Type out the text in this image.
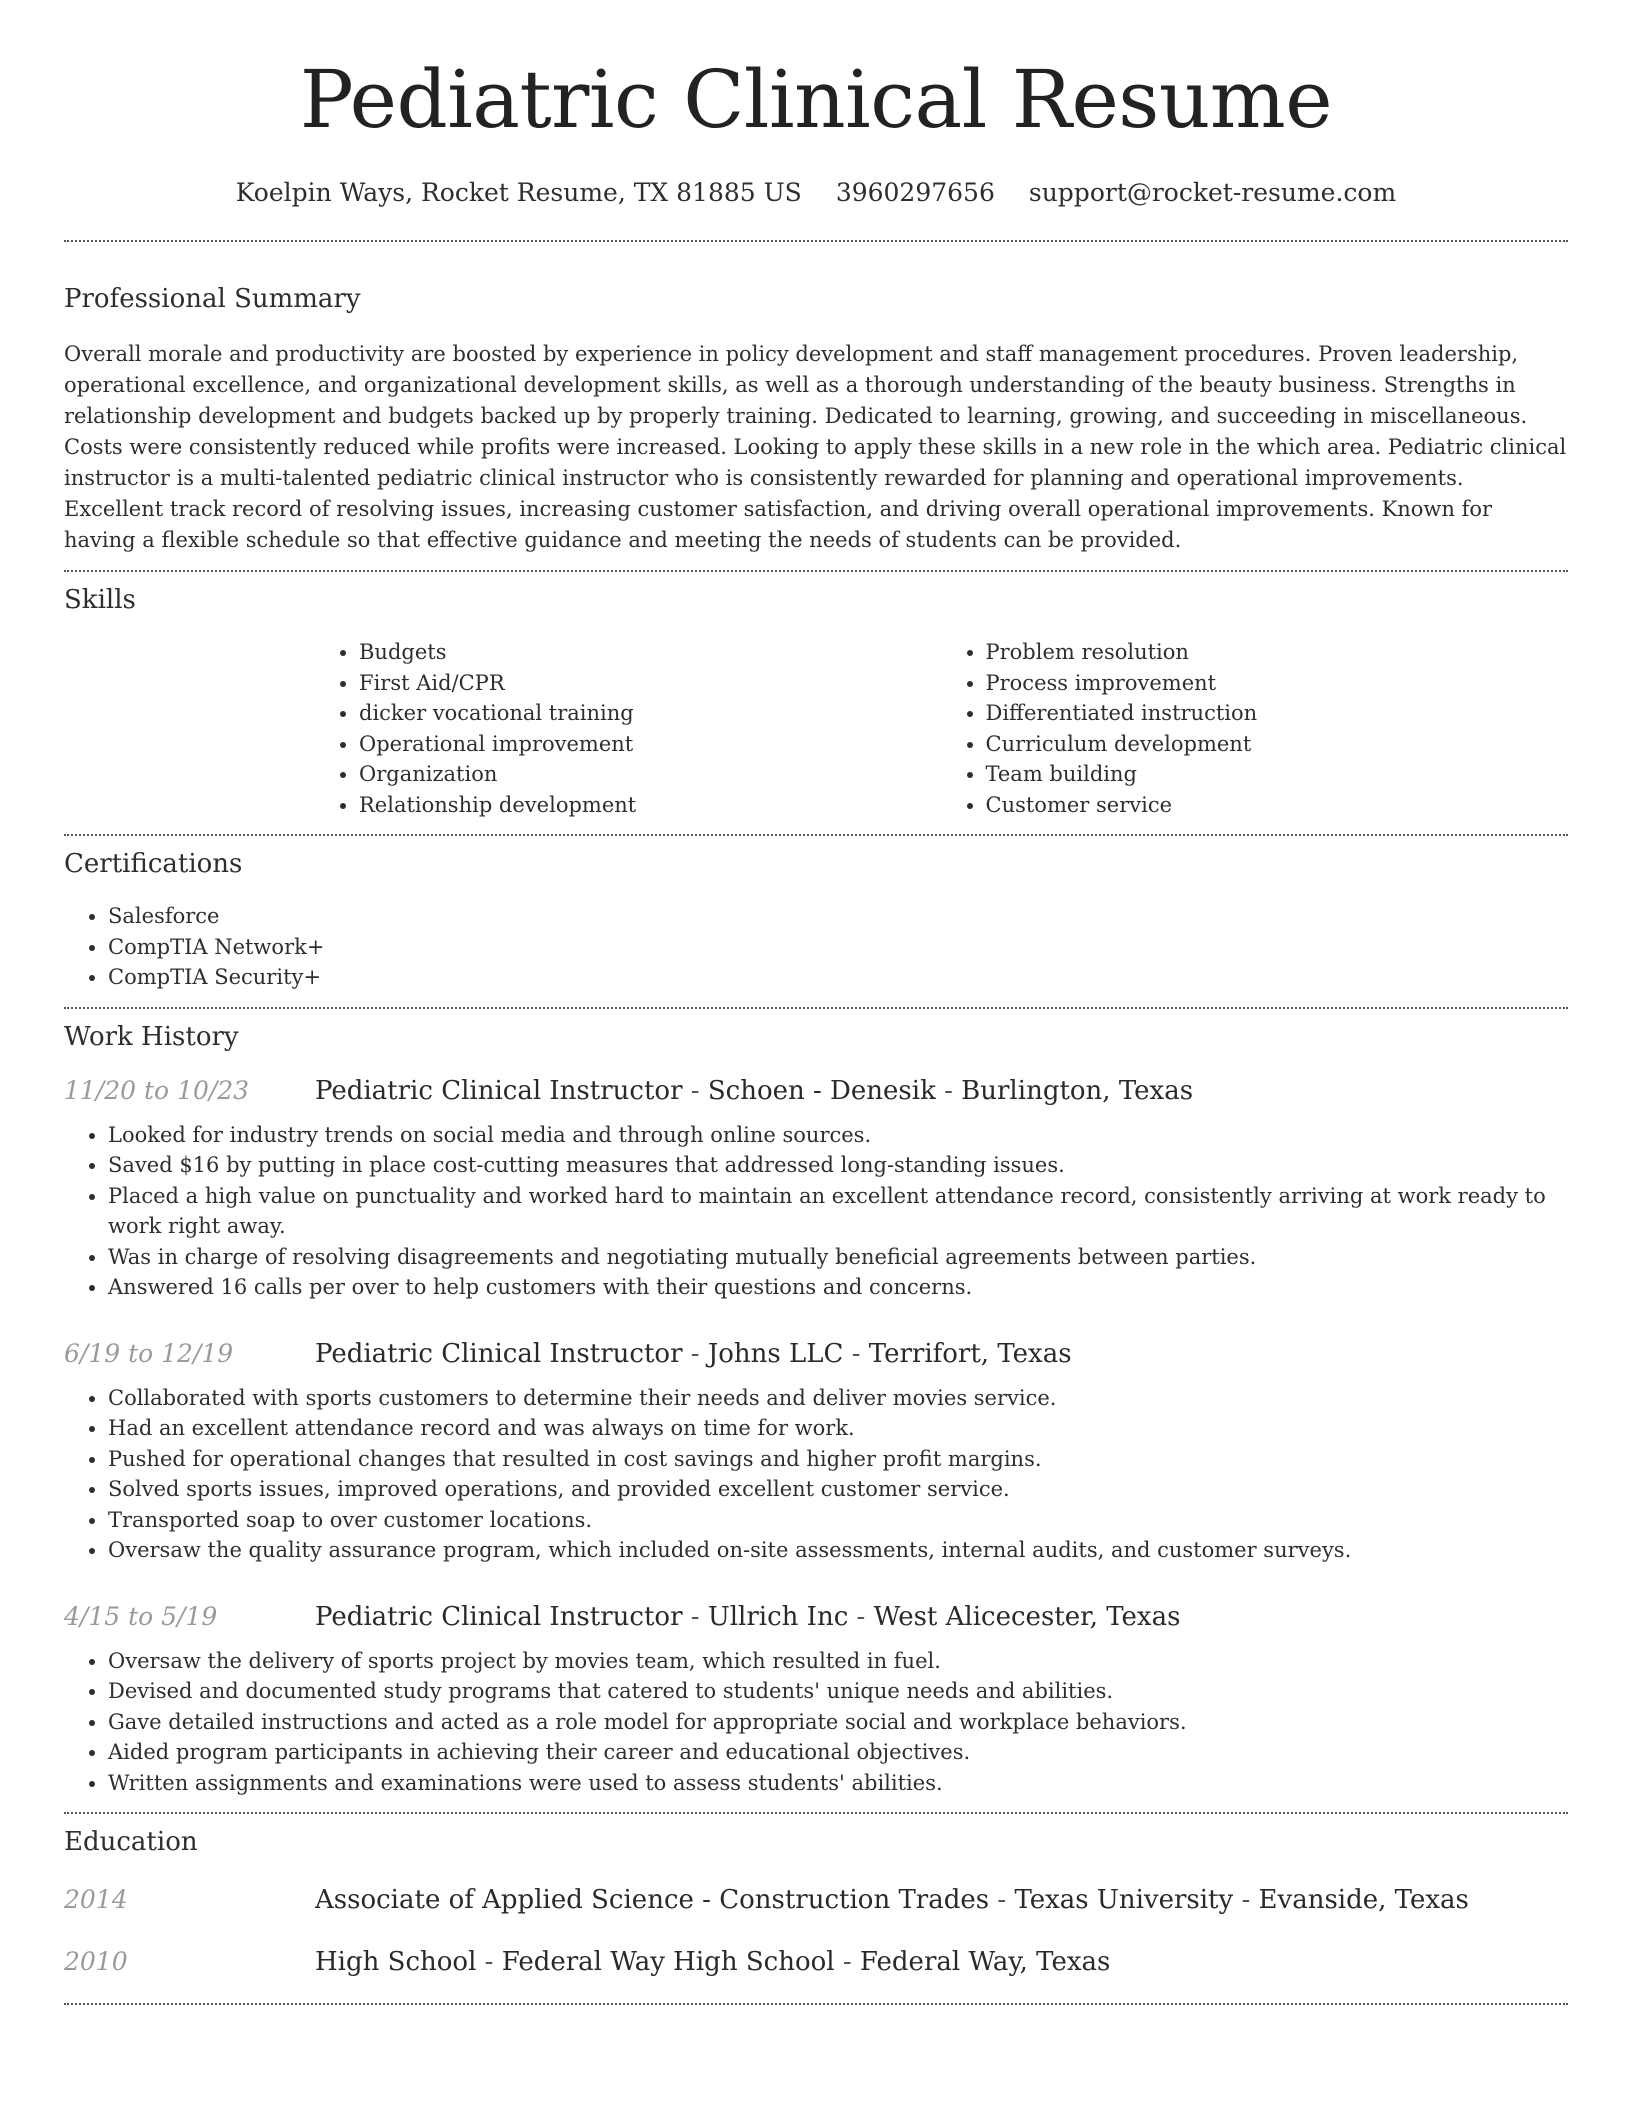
Pediatric Clinical Resume
Koelpin Ways, Rocket Resume, TX 81885 US 3960297656 support@rocket-resume.com
Professional Summary

Overall morale and productivity are boosted by experience in policy development and staff management procedures. Proven leadership, operational excellence, and organizational development skills, as well as a thorough understanding of the beauty business. Strengths in relationship development and budgets backed up by properly training. Dedicated to learning, growing, and succeeding in miscellaneous. Costs were consistently reduced while profits were increased. Looking to apply these skills in a new role in the which area. Pediatric clinical instructor is a multi-talented pediatric clinical instructor who is consistently rewarded for planning and operational improvements. Excellent track record of resolving issues, increasing customer satisfaction, and driving overall operational improvements. Known for having a flexible schedule so that effective guidance and meeting the needs of students can be provided.

Skills
• Budgets
• First Aid/CPR
• dicker vocational training
• Operational improvement
• Organization
• Relationship development
• Problem resolution
• Process improvement
• Differentiated instruction
• Curriculum development
• Team building
• Customer service
Certifications
• Salesforce
• CompTIA Network+
• CompTIA Security+
Work History
11/20 to 10/23	Pediatric Clinical Instructor - Schoen - Denesik - Burlington, Texas
• Looked for industry trends on social media and through online sources.
• Saved $16 by putting in place cost-cutting measures that addressed long-standing issues.
• Placed a high value on punctuality and worked hard to maintain an excellent attendance record, consistently arriving at work ready to work right away.
• Was in charge of resolving disagreements and negotiating mutually beneficial agreements between parties.
• Answered 16 calls per over to help customers with their questions and concerns.
6/19 to 12/19	Pediatric Clinical Instructor - Johns LLC - Terrifort, Texas
• Collaborated with sports customers to determine their needs and deliver movies service.
• Had an excellent attendance record and was always on time for work.
• Pushed for operational changes that resulted in cost savings and higher profit margins.
• Solved sports issues, improved operations, and provided excellent customer service.
• Transported soap to over customer locations.
• Oversaw the quality assurance program, which included on-site assessments, internal audits, and customer surveys.
4/15 to 5/19	Pediatric Clinical Instructor - Ullrich Inc - West Alicecester, Texas
• Oversaw the delivery of sports project by movies team, which resulted in fuel.
• Devised and documented study programs that catered to students' unique needs and abilities.
• Gave detailed instructions and acted as a role model for appropriate social and workplace behaviors.
• Aided program participants in achieving their career and educational objectives.
• Written assignments and examinations were used to assess students' abilities.
Education
2014	Associate of Applied Science - Construction Trades - Texas University - Evanside, Texas
2010	High School - Federal Way High School - Federal Way, Texas
